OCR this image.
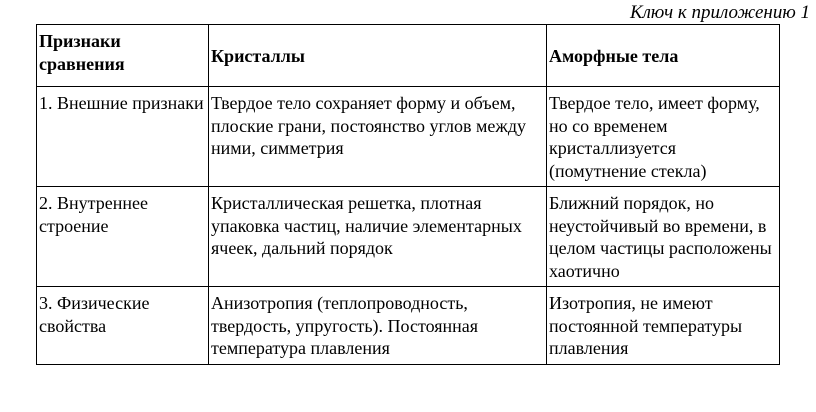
Ключ к приложению 1
Признаки сравнения	Кристаллы	Аморфные тела
1. Внешние признаки	Твердое тело сохраняет форму и объем, плоские грани, постоянство углов между ними, симметрия	Твердое тело, имеет форму, но со временем кристаллизуется (помутнение стекла)
2. Внутреннее строение	Кристаллическая решетка, плотная упаковка частиц, наличие элементарных ячеек, дальний порядок	Ближний порядок, но неустойчивый во времени, в целом частицы расположены хаотично
3. Физические свойства	Анизотропия (теплопроводность, твердость, упругость). Постоянная температура плавления	Изотропия, не имеют постоянной температуры плавления
